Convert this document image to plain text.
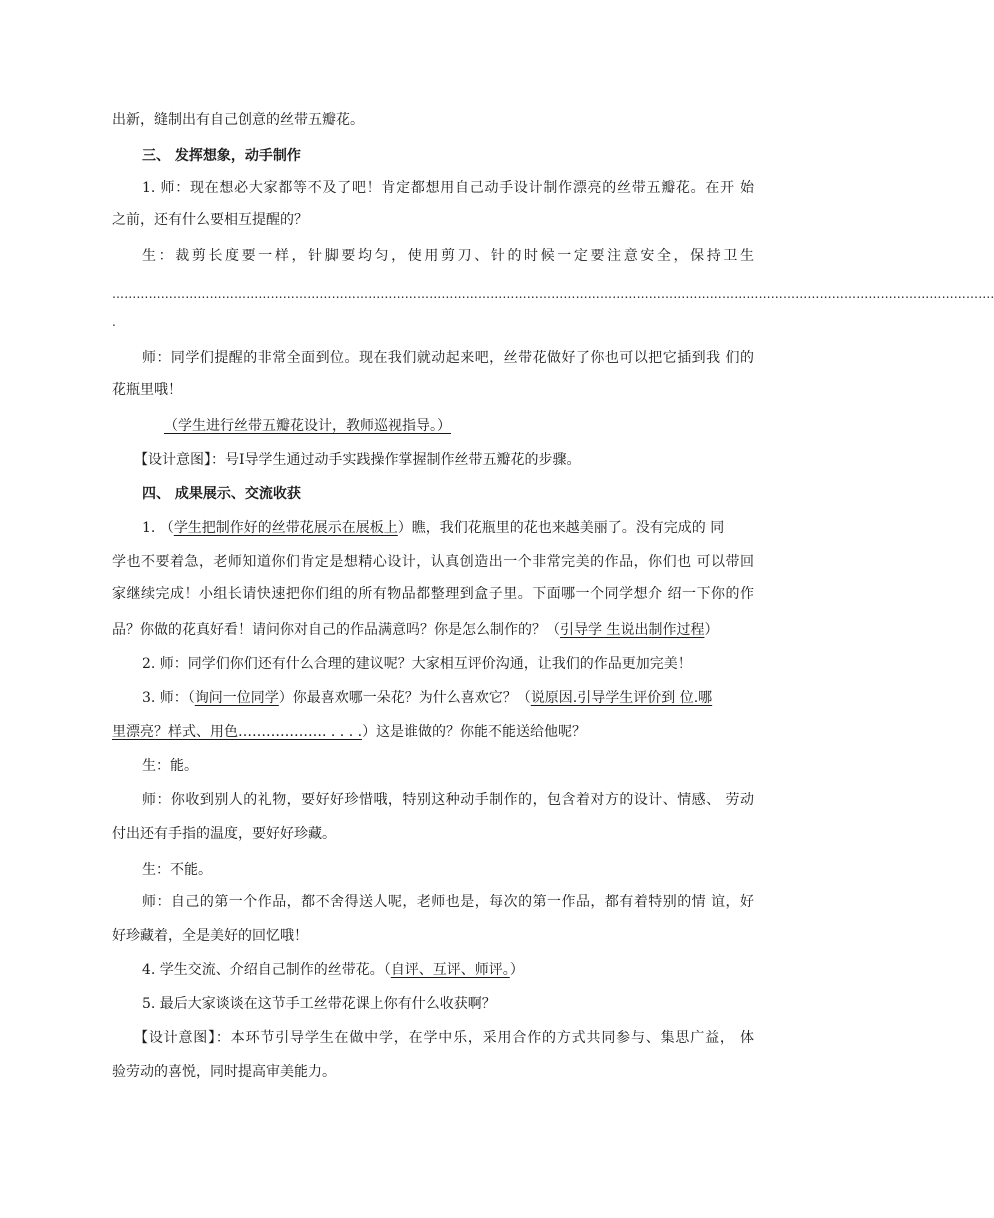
出新，缝制出有自己创意的丝带五瓣花。
三、 发挥想象，动手制作
1. 师：现在想必大家都等不及了吧！肯定都想用自己动手设计制作漂亮的丝带五瓣花。在开 始
之前，还有什么要相互提醒的？
生：裁剪长度要一样，针脚要均匀，使用剪刀、针的时候一定要注意安全，保持卫生
……………………………………………………………………………………………………………………………………………………………………………………………….
.
师：同学们提醒的非常全面到位。现在我们就动起来吧，丝带花做好了你也可以把它插到我 们的
花瓶里哦！
（学生进行丝带五瓣花设计，教师巡视指导。）
【设计意图】：号I导学生通过动手实践操作掌握制作丝带五瓣花的步骤。
四、 成果展示、交流收获
1. （学生把制作好的丝带花展示在展板上）瞧，我们花瓶里的花也来越美丽了。没有完成的 同
学也不要着急，老师知道你们肯定是想精心设计，认真创造出一个非常完美的作品，你们也 可以带回
家继续完成！小组长请快速把你们组的所有物品都整理到盒子里。下面哪一个同学想介 绍一下你的作
品？你做的花真好看！请问你对自己的作品满意吗？你是怎么制作的？（引导学 生说出制作过程）
2. 师：同学们你们还有什么合理的建议呢？大家相互评价沟通，让我们的作品更加完美！
3. 师：（询问一位同学）你最喜欢哪一朵花？为什么喜欢它？（说原因.引导学生评价到 位.哪
里漂亮？样式、用色………………. . . . .）这是谁做的？你能不能送给他呢？
生：能。
师：你收到别人的礼物，要好好珍惜哦，特别这种动手制作的，包含着对方的设计、情感、 劳动
付出还有手指的温度，要好好珍藏。
生：不能。
师：自己的第一个作品，都不舍得送人呢，老师也是，每次的第一作品，都有着特别的情 谊，好
好珍藏着，全是美好的回忆哦！
4. 学生交流、介绍自己制作的丝带花。（自评、互评、师评。）
5. 最后大家谈谈在这节手工丝带花课上你有什么收获啊？
【设计意图】：本环节引导学生在做中学，在学中乐，采用合作的方式共同参与、集思广益， 体
验劳动的喜悦，同时提高审美能力。
